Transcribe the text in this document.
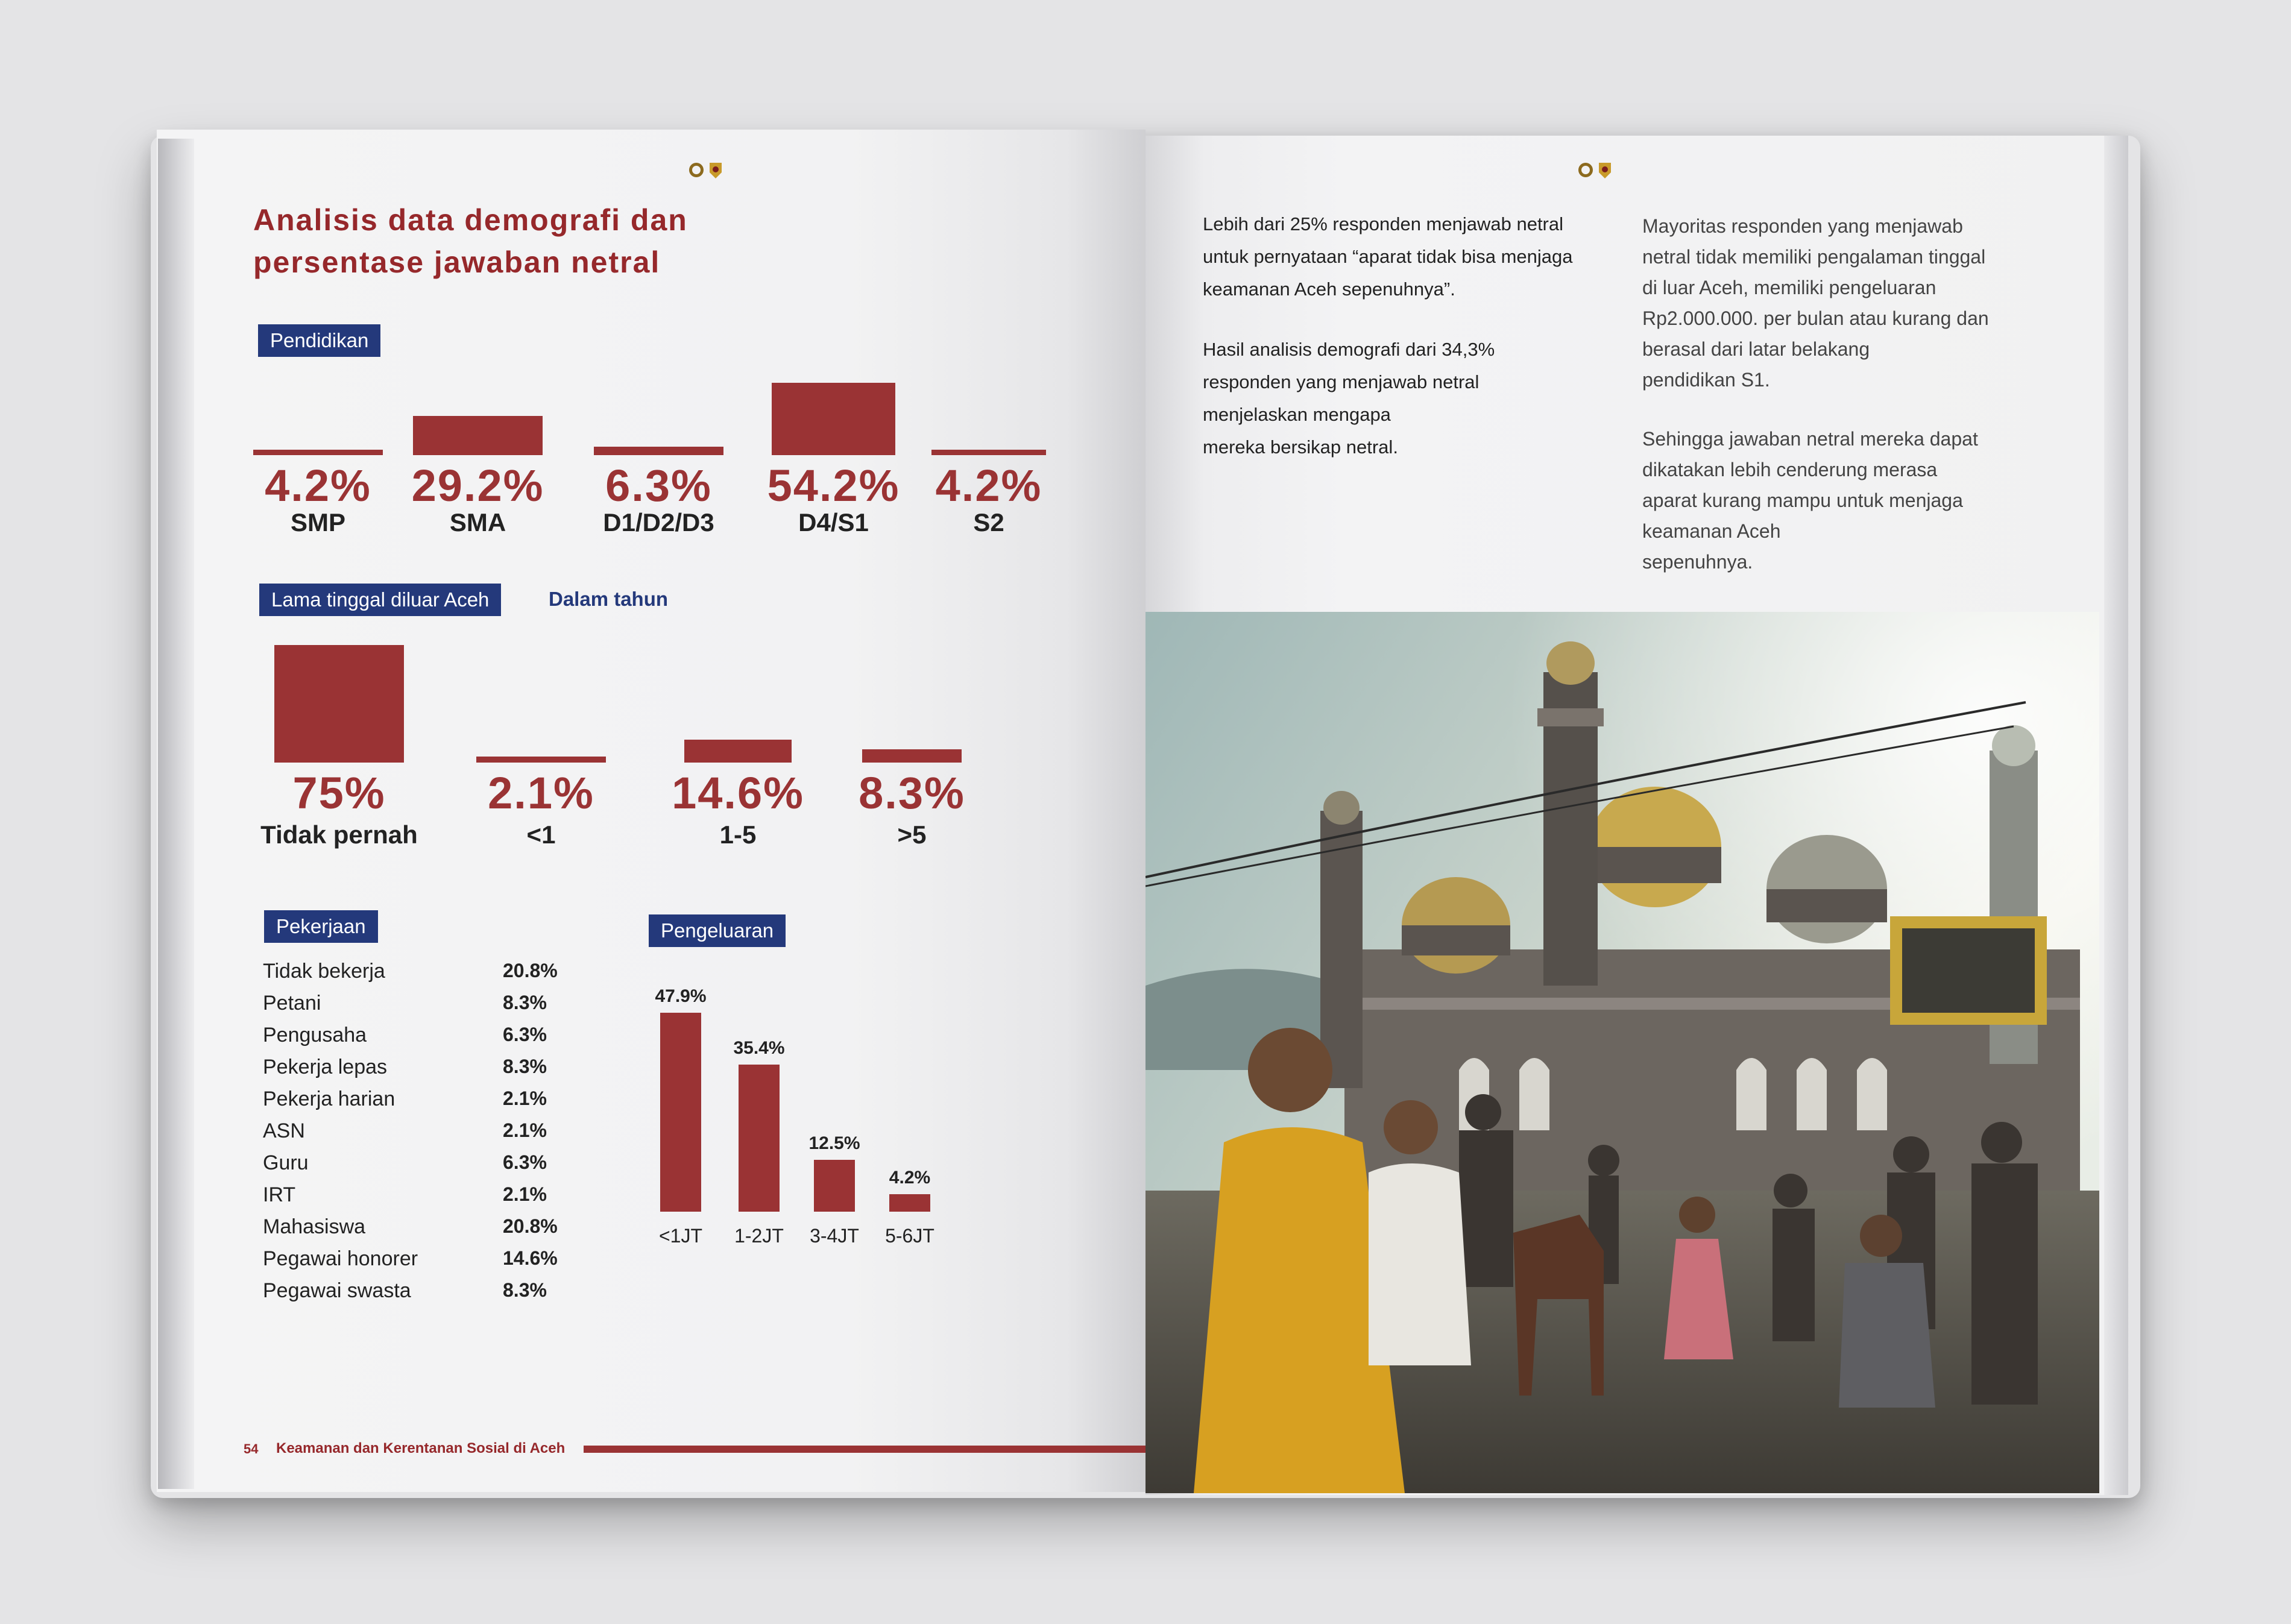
Analisis data demografi dan
persentase jawaban netral
Pendidikan
4.2%
SMP
29.2%
SMA
6.3%
D1/D2/D3
54.2%
D4/S1
4.2%
S2
Lama tinggal diluar Aceh	Dalam tahun
75%
Tidak pernah
2.1%
<1
14.6%
1-5
8.3%
>5
Pekerjaan
Tidak bekerja	20.8%
Petani	8.3%
Pengusaha	6.3%
Pekerja lepas	8.3%
Pekerja harian	2.1%
ASN	2.1%
Guru	6.3%
IRT	2.1%
Mahasiswa	20.8%
Pegawai honorer	14.6%
Pegawai swasta	8.3%
Pengeluaran
47.9%
<1JT
35.4%
1-2JT
12.5%
3-4JT
4.2%
5-6JT
54 Keamanan dan Kerentanan Sosial di Aceh
Lebih dari 25% responden menjawab netral
untuk pernyataan “aparat tidak bisa menjaga
keamanan Aceh sepenuhnya”.
Hasil analisis demografi dari 34,3%
responden yang menjawab netral
menjelaskan mengapa
mereka bersikap netral.
Mayoritas responden yang menjawab
netral tidak memiliki pengalaman tinggal
di luar Aceh, memiliki pengeluaran
Rp2.000.000. per bulan atau kurang dan
berasal dari latar belakang
pendidikan S1.
Sehingga jawaban netral mereka dapat
dikatakan lebih cenderung merasa
aparat kurang mampu untuk menjaga
keamanan Aceh
sepenuhnya.
